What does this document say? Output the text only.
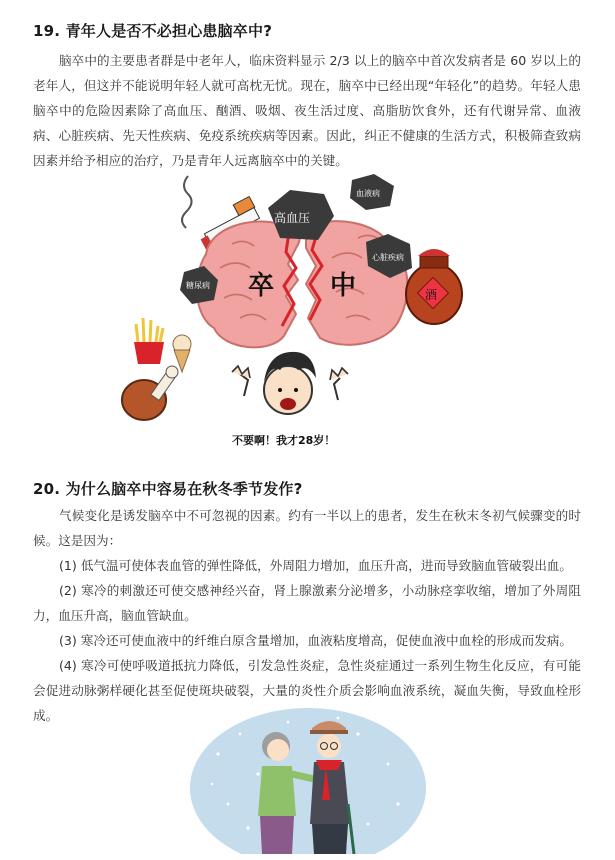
19. 青年人是否不必担心患脑卒中?

脑卒中的主要患者群是中老年人，临床资料显示 2/3 以上的脑卒中首次发病者是 60 岁以上的老年人，但这并不能说明年轻人就可高枕无忧。现在，脑卒中已经出现“年轻化”的趋势。年轻人患脑卒中的危险因素除了高血压、酗酒、吸烟、夜生活过度、高脂肪饮食外，还有代谢异常、血液病、心脏疾病、先天性疾病、免疫系统疾病等因素。因此，纠正不健康的生活方式，积极筛查致病因素并给予相应的治疗，乃是青年人远离脑卒中的关键。

卒 中
高血压
血液病
心脏疾病
糖尿病
酒
不要啊！我才28岁！
20. 为什么脑卒中容易在秋冬季节发作?

气候变化是诱发脑卒中不可忽视的因素。约有一半以上的患者，发生在秋末冬初气候骤变的时候。这是因为：

(1) 低气温可使体表血管的弹性降低，外周阻力增加，血压升高，进而导致脑血管破裂出血。

(2) 寒冷的刺激还可使交感神经兴奋，肾上腺激素分泌增多，小动脉痉挛收缩，增加了外周阻力，血压升高，脑血管缺血。

(3) 寒冷还可使血液中的纤维白原含量增加，血液粘度增高，促使血液中血栓的形成而发病。

(4) 寒冷可使呼吸道抵抗力降低，引发急性炎症，急性炎症通过一系列生物生化反应，有可能会促进动脉粥样硬化甚至促使斑块破裂，大量的炎性介质会影响血液系统，凝血失衡，导致血栓形成。
